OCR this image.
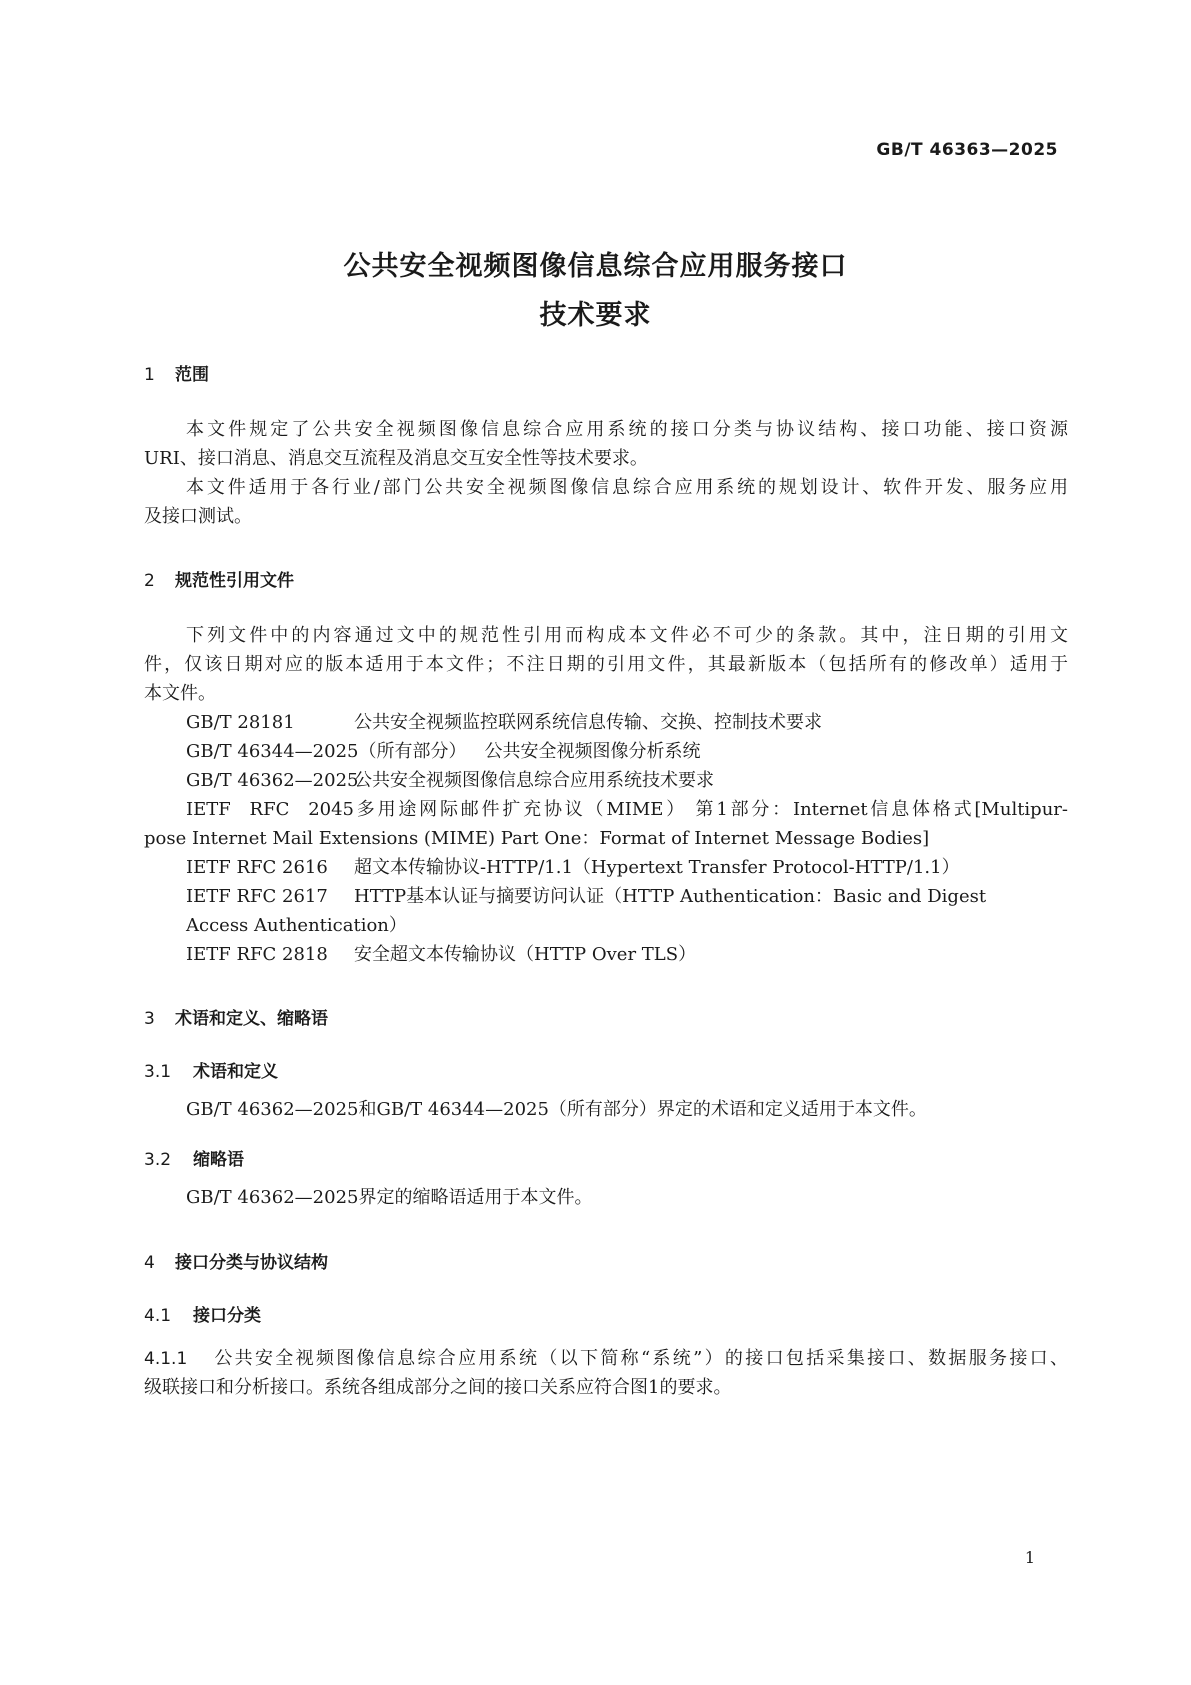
GB/T 46363—2025
公共安全视频图像信息综合应用服务接口
技术要求
1 范围
本文件规定了公共安全视频图像信息综合应用系统的接口分类与协议结构、接口功能、接口资源
URI、接口消息、消息交互流程及消息交互安全性等技术要求。
本文件适用于各行业/部门公共安全视频图像信息综合应用系统的规划设计、软件开发、服务应用
及接口测试。
2 规范性引用文件
下列文件中的内容通过文中的规范性引用而构成本文件必不可少的条款。其中，注日期的引用文
件，仅该日期对应的版本适用于本文件；不注日期的引用文件，其最新版本（包括所有的修改单）适用于
本文件。
GB/T 28181	公共安全视频监控联网系统信息传输、交换、控制技术要求
GB/T 46344—2025（所有部分） 公共安全视频图像分析系统
GB/T 46362—2025公共安全视频图像信息综合应用系统技术要求
IETF RFC 2045多用途网际邮件扩充协议（MIME） 第1部分：Internet信息体格式[Multipur-
pose Internet Mail Extensions (MIME) Part One：Format of Internet Message Bodies]
IETF RFC 2616 超文本传输协议-HTTP/1.1（Hypertext Transfer Protocol-HTTP/1.1）
IETF RFC 2617 HTTP基本认证与摘要访问认证（HTTP Authentication：Basic and Digest
Access Authentication）
IETF RFC 2818 安全超文本传输协议（HTTP Over TLS）
3 术语和定义、缩略语
3.1 术语和定义
GB/T 46362—2025和GB/T 46344—2025（所有部分）界定的术语和定义适用于本文件。
3.2 缩略语
GB/T 46362—2025界定的缩略语适用于本文件。
4 接口分类与协议结构
4.1 接口分类
4.1.1 公共安全视频图像信息综合应用系统（以下简称“系统”）的接口包括采集接口、数据服务接口、
级联接口和分析接口。系统各组成部分之间的接口关系应符合图1的要求。
1
